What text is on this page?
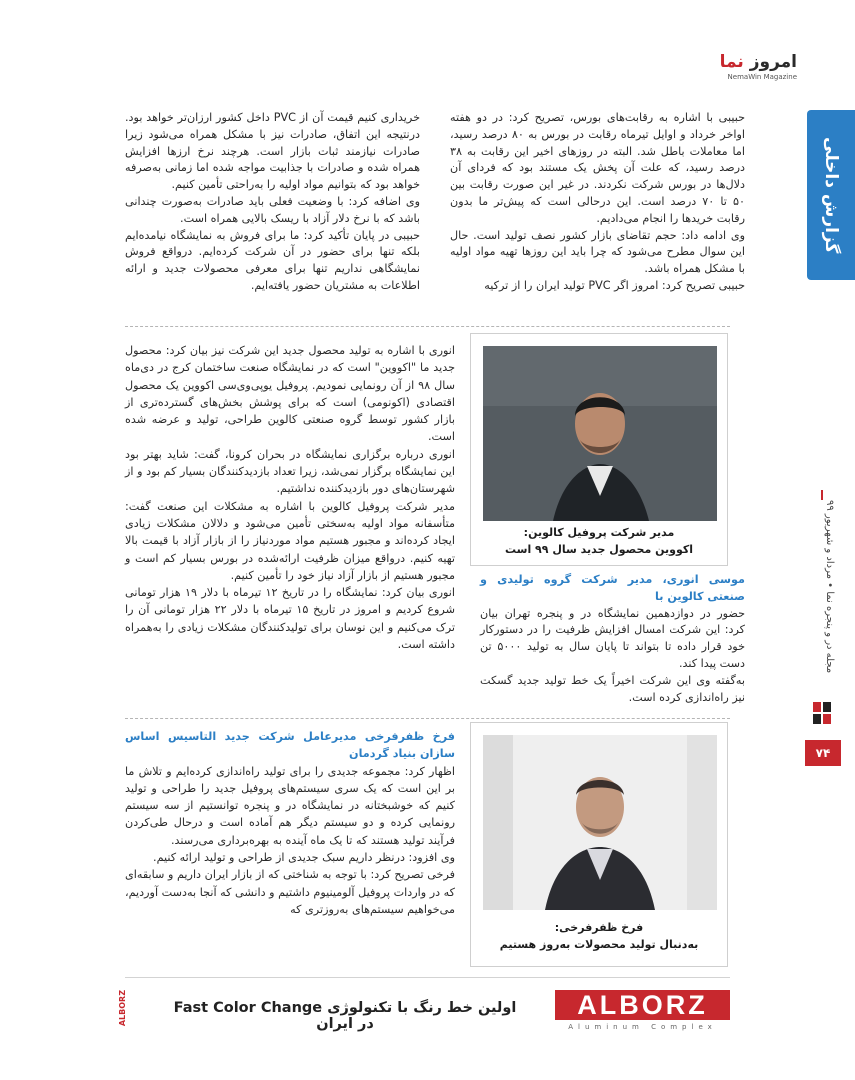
امروز نما
NemaWin Magazine
گزارش داخلی
مجله در و پنجره نما • مرداد و شهریور ۹۹
۷۴

حبیبی با اشاره به رقابت‌های بورس، تصریح کرد: در دو هفته اواخر خرداد و اوایل تیرماه رقابت در بورس به ۸۰ درصد رسید، اما معاملات باطل شد. البته در روزهای اخیر این رقابت به ۳۸ درصد رسید، که علت آن پخش یک مستند بود که فردای آن دلال‌ها در بورس شرکت نکردند. در غیر این صورت رقابت بین ۵۰ تا ۷۰ درصد است. این درحالی است که پیش‌تر ما بدون رقابت خریدها را انجام می‌دادیم.

وی ادامه داد: حجم تقاضای بازار کشور نصف تولید است. حال این سوال مطرح می‌شود که چرا باید این روزها تهیه مواد اولیه با مشکل همراه باشد.

حبیبی تصریح کرد: امروز اگر PVC تولید ایران را از ترکیه

خریداری کنیم قیمت آن از PVC داخل کشور ارزان‌تر خواهد بود. درنتیجه این اتفاق، صادرات نیز با مشکل همراه می‌شود زیرا صادرات نیازمند ثبات بازار است. هرچند نرخ ارزها افزایش همراه شده و صادرات با جذابیت مواجه شده اما زمانی به‌صرفه خواهد بود که بتوانیم مواد اولیه را به‌راحتی تأمین کنیم.

وی اضافه کرد: با وضعیت فعلی باید صادرات به‌صورت چندانی باشد که با نرخ دلار آزاد با ریسک بالایی همراه است.

حبیبی در پایان تأکید کرد: ما برای فروش به نمایشگاه نیامده‌ایم بلکه تنها برای حضور در آن شرکت کرده‌ایم. درواقع فروش نمایشگاهی نداریم تنها برای معرفی محصولات جدید و ارائه اطلاعات به مشتریان حضور یافته‌ایم.

مدیر شرکت پروفیل کالوین:
اکووین محصول جدید سال ۹۹ است

موسی انوری، مدیر شرکت گروه تولیدی و صنعتی کالوین با

حضور در دوازدهمین نمایشگاه در و پنجره تهران بیان کرد: این شرکت امسال افزایش ظرفیت را در دستورکار خود قرار داده تا بتواند تا پایان سال به تولید ۵۰۰۰ تن دست پیدا کند.

به‌گفته وی این شرکت اخیراً یک خط تولید جدید گسکت نیز راه‌اندازی کرده است.

انوری با اشاره به تولید محصول جدید این شرکت نیز بیان کرد: محصول جدید ما "اکووین" است که در نمایشگاه صنعت ساختمان کرج در دی‌ماه سال ۹۸ از آن رونمایی نمودیم. پروفیل یوپی‌وی‌سی اکووین یک محصول اقتصادی (اکونومی) است که برای پوشش بخش‌های گسترده‌تری از بازار کشور توسط گروه صنعتی کالوین طراحی، تولید و عرضه شده است.

انوری درباره برگزاری نمایشگاه در بحران کرونا، گفت: شاید بهتر بود این نمایشگاه برگزار نمی‌شد، زیرا تعداد بازدیدکنندگان بسیار کم بود و از شهرستان‌های دور بازدیدکننده نداشتیم.

مدیر شرکت پروفیل کالوین با اشاره به مشکلات این صنعت گفت: متأسفانه مواد اولیه به‌سختی تأمین می‌شود و دلالان مشکلات زیادی ایجاد کرده‌اند و مجبور هستیم مواد موردنیاز را از بازار آزاد با قیمت بالا تهیه کنیم. درواقع میزان ظرفیت ارائه‌شده در بورس بسیار کم است و مجبور هستیم از بازار آزاد نیاز خود را تأمین کنیم.

انوری بیان کرد: نمایشگاه را در تاریخ ۱۲ تیرماه با دلار ۱۹ هزار تومانی شروع کردیم و امروز در تاریخ ۱۵ تیرماه با دلار ۲۲ هزار تومانی آن را ترک می‌کنیم و این نوسان برای تولیدکنندگان مشکلات زیادی را به‌همراه داشته است.

فرخ ظفرفرخی:
به‌دنبال تولید محصولات به‌روز هستیم

فرخ ظفرفرخی مدیرعامل شرکت جدید التاسیس اساس سازان بنیاد گردمان

اظهار کرد: مجموعه جدیدی را برای تولید راه‌اندازی کرده‌ایم و تلاش ما بر این است که یک سری سیستم‌های پروفیل جدید را طراحی و تولید کنیم که خوشبختانه در نمایشگاه در و پنجره توانستیم از سه سیستم رونمایی کرده و دو سیستم دیگر هم آماده است و درحال طی‌کردن فرآیند تولید هستند که تا یک ماه آینده به بهره‌برداری می‌رسند.

وی افزود: درنظر داریم سبک جدیدی از طراحی و تولید ارائه کنیم.

فرخی تصریح کرد: با توجه به شناختی که از بازار ایران داریم و سابقه‌ای که در واردات پروفیل آلومینیوم داشتیم و دانشی که آنجا به‌دست آوردیم، می‌خواهیم سیستم‌های به‌روزتری که

ALBORZ	اولین خط رنگ با تکنولوژی Fast Color Change در ایران
ALBORZ
Aluminum Complex
